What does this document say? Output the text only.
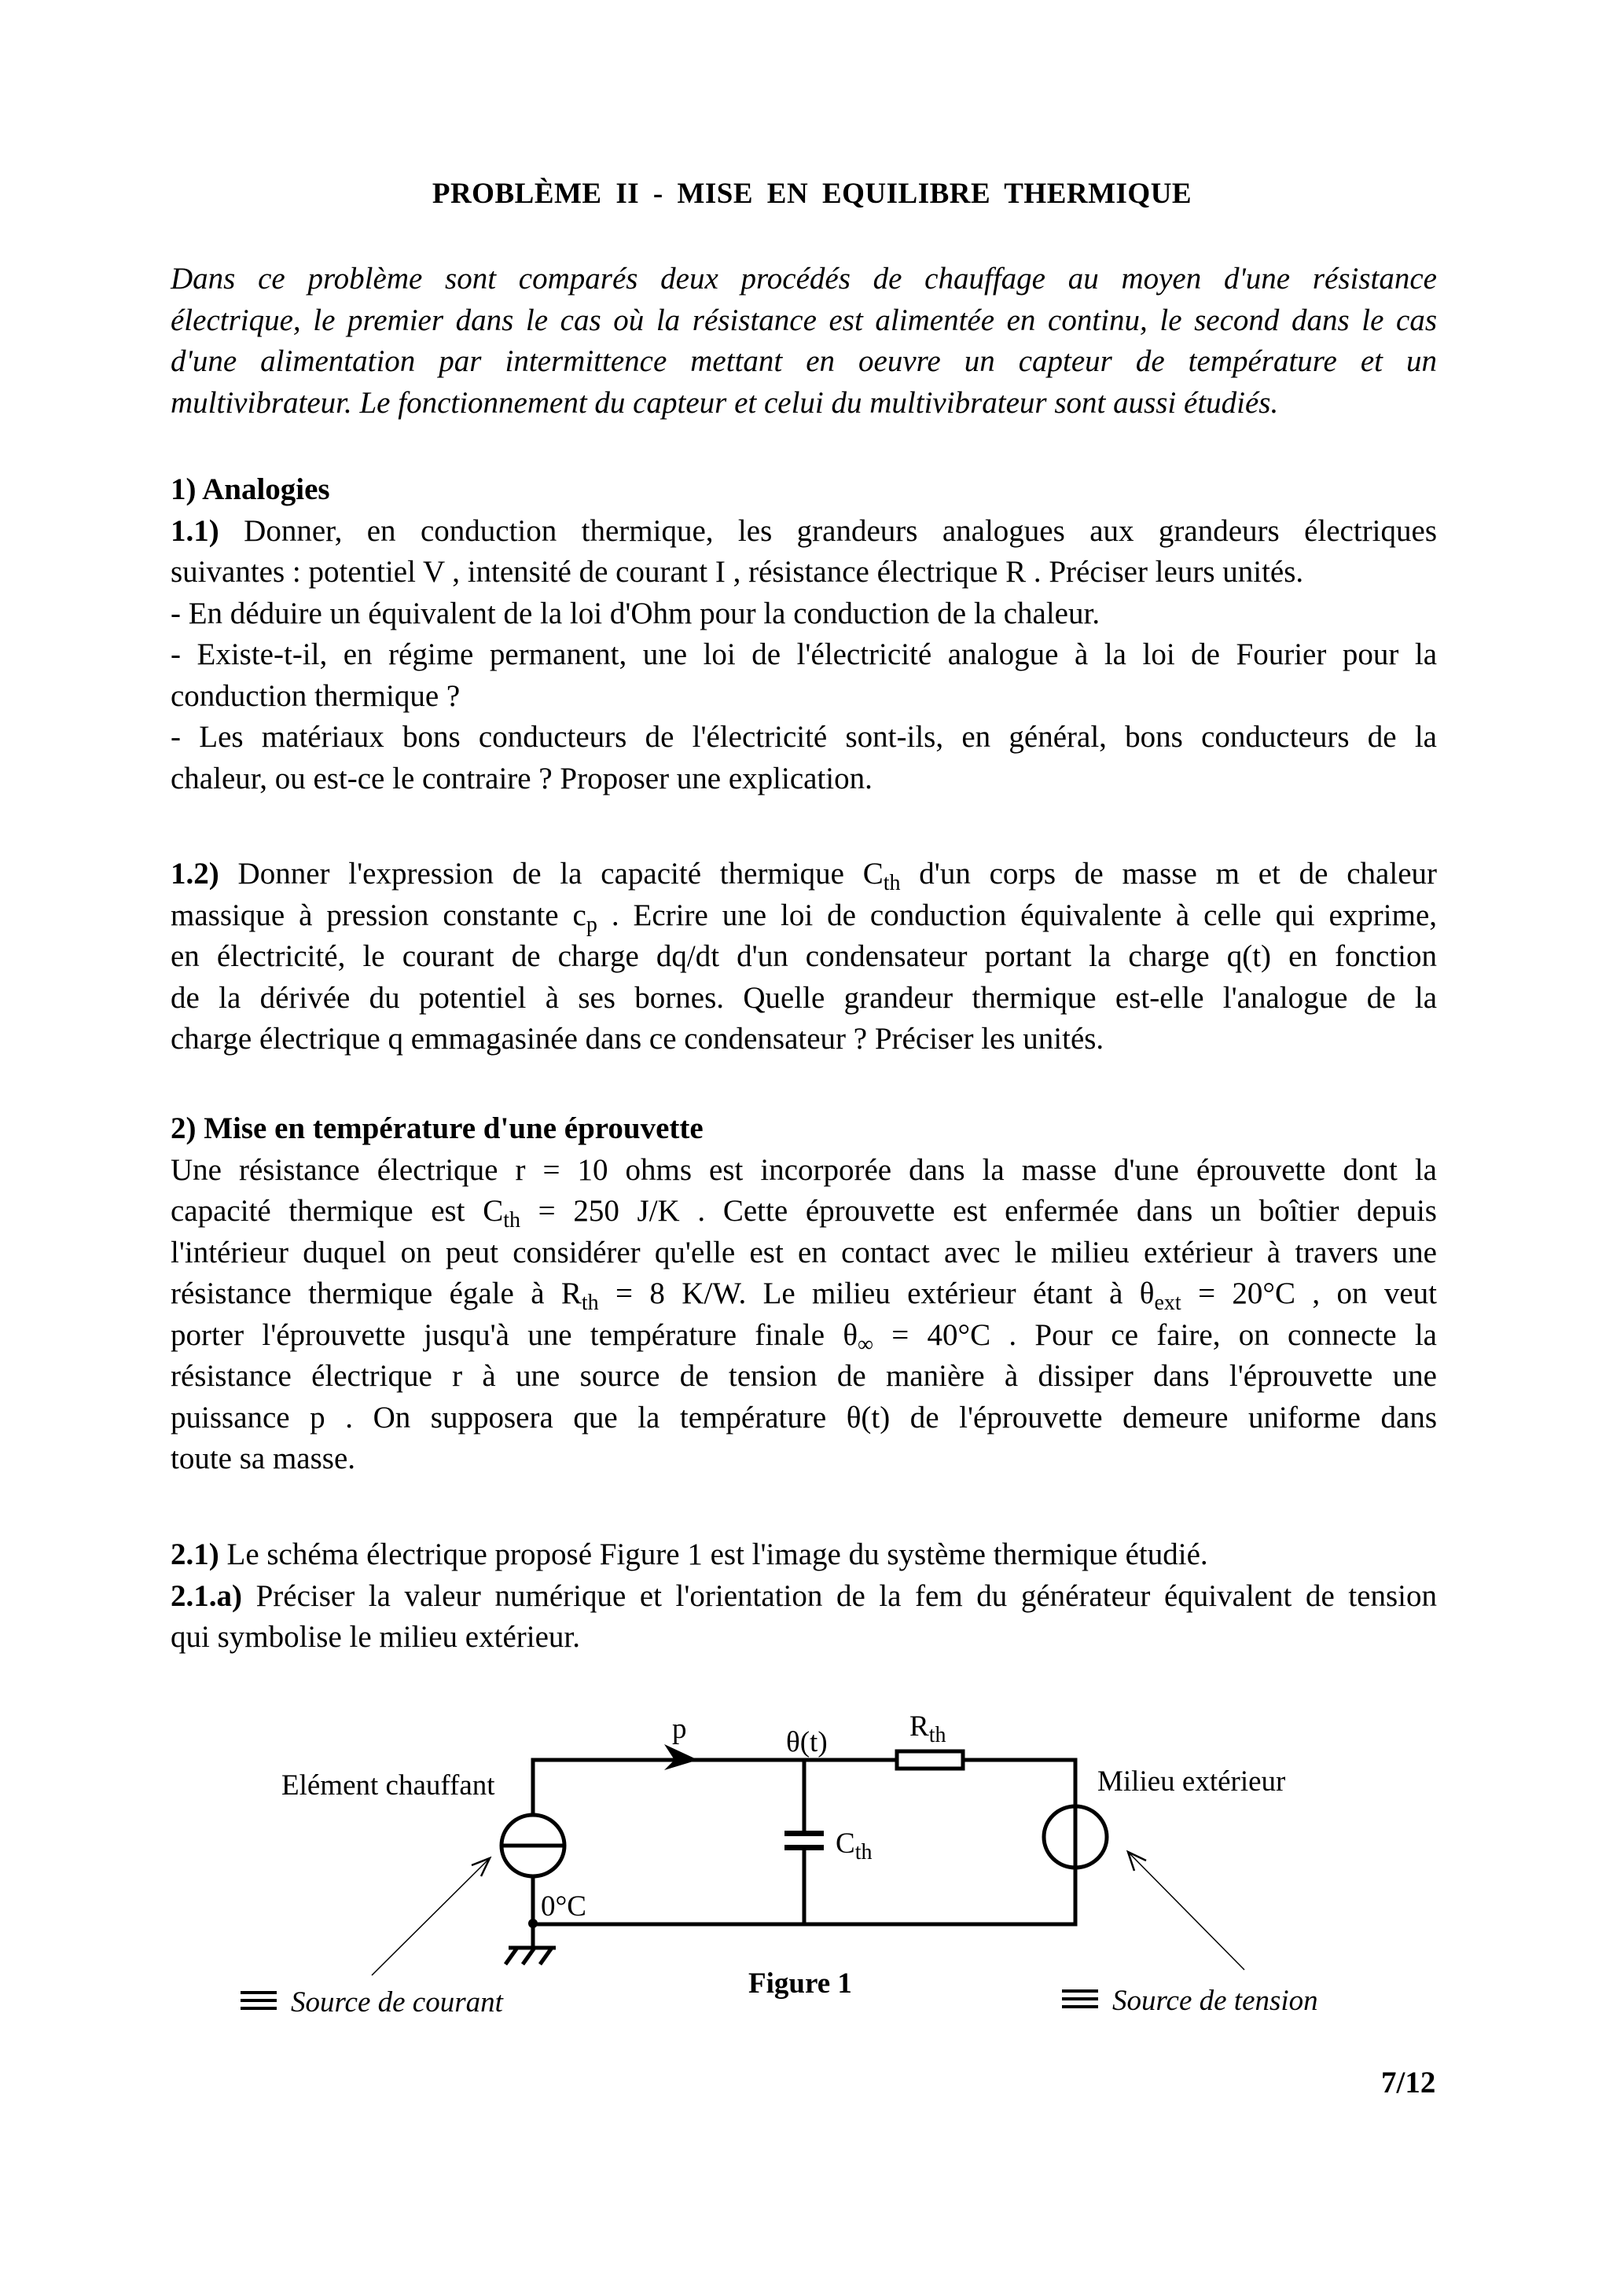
PROBLÈME II - MISE EN EQUILIBRE THERMIQUE

Dans ce problème sont comparés deux procédés de chauffage au moyen d'une résistance

électrique, le premier dans le cas où la résistance est alimentée en continu, le second dans le cas

d'une alimentation par intermittence mettant en oeuvre un capteur de température et un

multivibrateur. Le fonctionnement du capteur et celui du multivibrateur sont aussi étudiés.

1) Analogies

1.1) Donner, en conduction thermique, les grandeurs analogues aux grandeurs électriques

suivantes : potentiel V , intensité de courant I , résistance électrique R . Préciser leurs unités.

- En déduire un équivalent de la loi d'Ohm pour la conduction de la chaleur.

- Existe-t-il, en régime permanent, une loi de l'électricité analogue à la loi de Fourier pour la

conduction thermique ?

- Les matériaux bons conducteurs de l'électricité sont-ils, en général, bons conducteurs de la

chaleur, ou est-ce le contraire ? Proposer une explication.

1.2) Donner l'expression de la capacité thermique $C_{th}$ d'un corps de masse m et de chaleur

massique à pression constante $c_p$ . Ecrire une loi de conduction équivalente à celle qui exprime,

en électricité, le courant de charge dq/dt d'un condensateur portant la charge q(t) en fonction

de la dérivée du potentiel à ses bornes. Quelle grandeur thermique est-elle l'analogue de la

charge électrique q emmagasinée dans ce condensateur ? Préciser les unités.

2) Mise en température d'une éprouvette

Une résistance électrique r = 10 ohms est incorporée dans la masse d'une éprouvette dont la

capacité thermique est $C_{th} = 250$ J/K . Cette éprouvette est enfermée dans un boîtier depuis

l'intérieur duquel on peut considérer qu'elle est en contact avec le milieu extérieur à travers une

résistance thermique égale à $R_{th} = 8$ K/W. Le milieu extérieur étant à $\theta_{ext} = 20^\circ C$ , on veut

porter l'éprouvette jusqu'à une température finale $\theta_\infty = 40^\circ C$ . Pour ce faire, on connecte la

résistance électrique r à une source de tension de manière à dissiper dans l'éprouvette une

puissance p . On supposera que la température θ(t) de l'éprouvette demeure uniforme dans

toute sa masse.

2.1) Le schéma électrique proposé Figure 1 est l'image du système thermique étudié.

2.1.a) Préciser la valeur numérique et l'orientation de la fem du générateur équivalent de tension

qui symbolise le milieu extérieur.

Elément chauffant
p	θ(t)	$R_{th}$
$C_{th}$
0°C
Milieu extérieur
Figure 1
Source de courant	Source de tension
7/12
